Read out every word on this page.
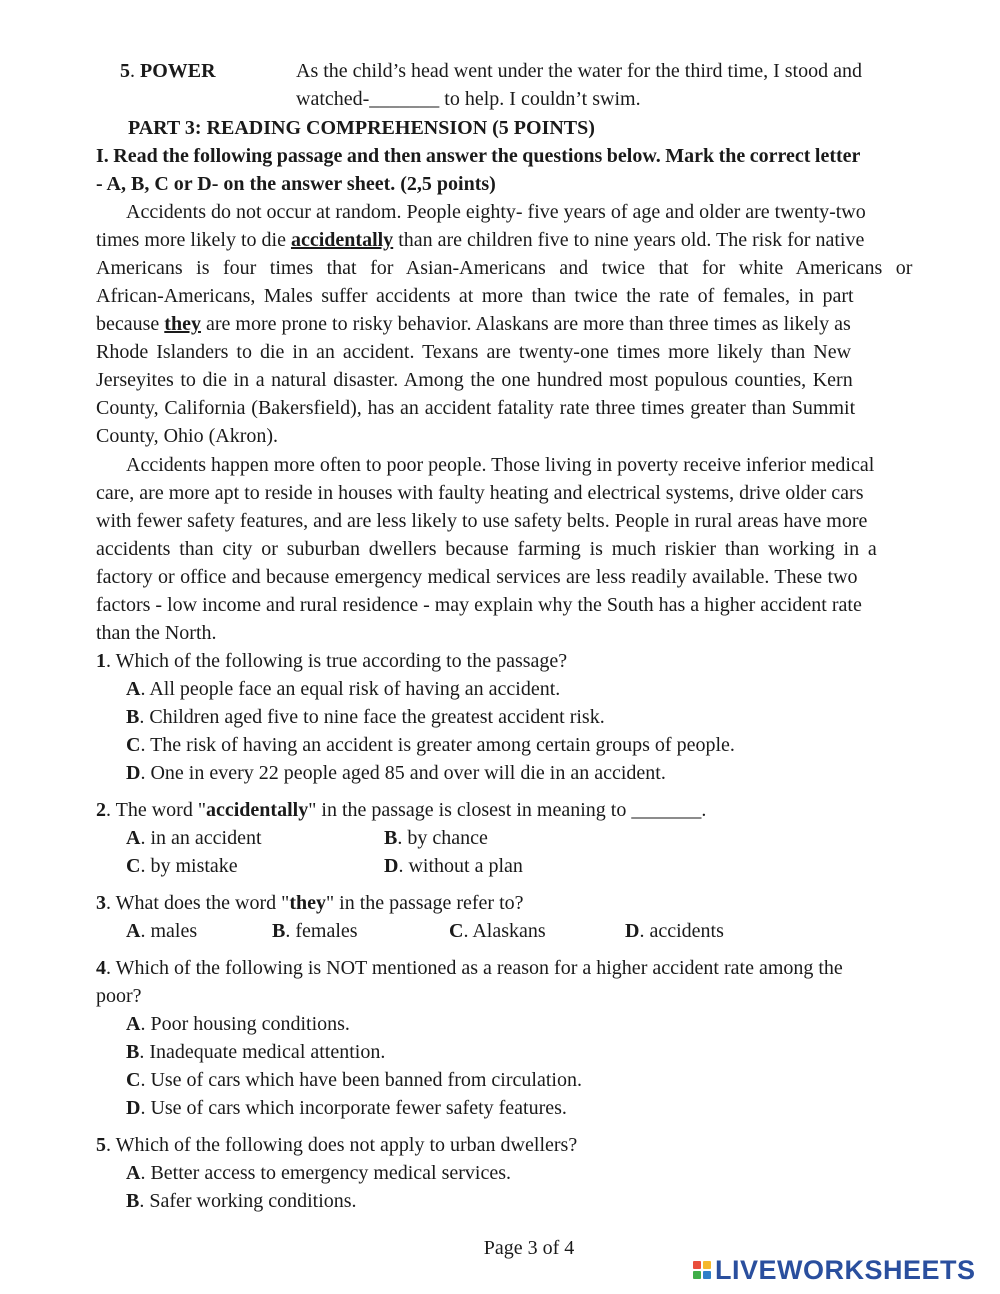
5. POWER	As the child’s head went under the water for the third time, I stood and
watched-_______ to help. I couldn’t swim.
PART 3: READING COMPREHENSION (5 POINTS)
I. Read the following passage and then answer the questions below. Mark the correct letter
- A, B, C or D- on the answer sheet. (2,5 points)
Accidents do not occur at random. People eighty- five years of age and older are twenty-two
times more likely to die accidentally than are children five to nine years old. The risk for native
Americans is four times that for Asian-Americans and twice that for white Americans or
African-Americans, Males suffer accidents at more than twice the rate of females, in part
because they are more prone to risky behavior. Alaskans are more than three times as likely as
Rhode Islanders to die in an accident. Texans are twenty-one times more likely than New
Jerseyites to die in a natural disaster. Among the one hundred most populous counties, Kern
County, California (Bakersfield), has an accident fatality rate three times greater than Summit
County, Ohio (Akron).
Accidents happen more often to poor people. Those living in poverty receive inferior medical
care, are more apt to reside in houses with faulty heating and electrical systems, drive older cars
with fewer safety features, and are less likely to use safety belts. People in rural areas have more
accidents than city or suburban dwellers because farming is much riskier than working in a
factory or office and because emergency medical services are less readily available. These two
factors - low income and rural residence - may explain why the South has a higher accident rate
than the North.
1. Which of the following is true according to the passage?
A. All people face an equal risk of having an accident.
B. Children aged five to nine face the greatest accident risk.
C. The risk of having an accident is greater among certain groups of people.
D. One in every 22 people aged 85 and over will die in an accident.
2. The word "accidentally" in the passage is closest in meaning to _______.
A. in an accident	B. by chance
C. by mistake	D. without a plan
3. What does the word "they" in the passage refer to?
A. males	B. females	C. Alaskans	D. accidents
4. Which of the following is NOT mentioned as a reason for a higher accident rate among the
poor?
A. Poor housing conditions.
B. Inadequate medical attention.
C. Use of cars which have been banned from circulation.
D. Use of cars which incorporate fewer safety features.
5. Which of the following does not apply to urban dwellers?
A. Better access to emergency medical services.
B. Safer working conditions.
Page 3 of 4
LIVEWORKSHEETS
